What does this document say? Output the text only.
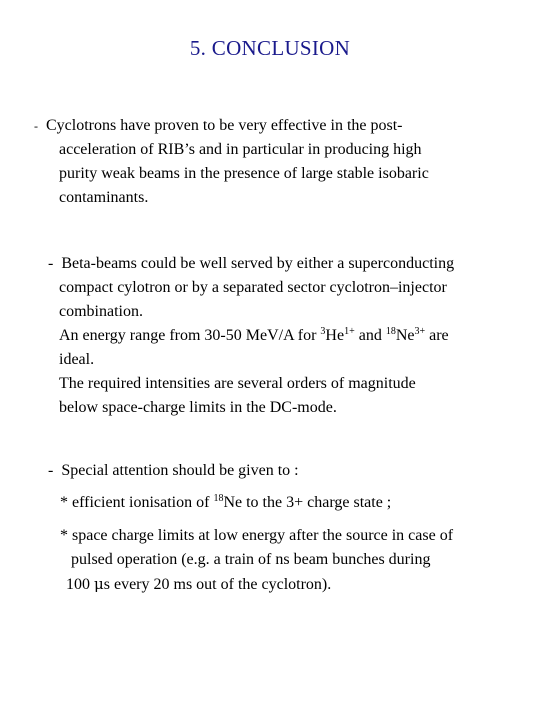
5. CONCLUSION
- Cyclotrons have proven to be very effective in the post-
acceleration of RIB’s and in particular in producing high
purity weak beams in the presence of large stable isobaric
contaminants.
- Beta-beams could be well served by either a superconducting
compact cylotron or by a separated sector cyclotron–injector
combination.
An energy range from 30-50 MeV/A for $^3He^{1+}$ and $^{18}Ne^{3+}$ are
ideal.
The required intensities are several orders of magnitude
below space-charge limits in the DC-mode.
- Special attention should be given to :
* efficient ionisation of $^{18}$Ne to the 3+ charge state ;
* space charge limits at low energy after the source in case of
pulsed operation (e.g. a train of ns beam bunches during
100 μs every 20 ms out of the cyclotron).
